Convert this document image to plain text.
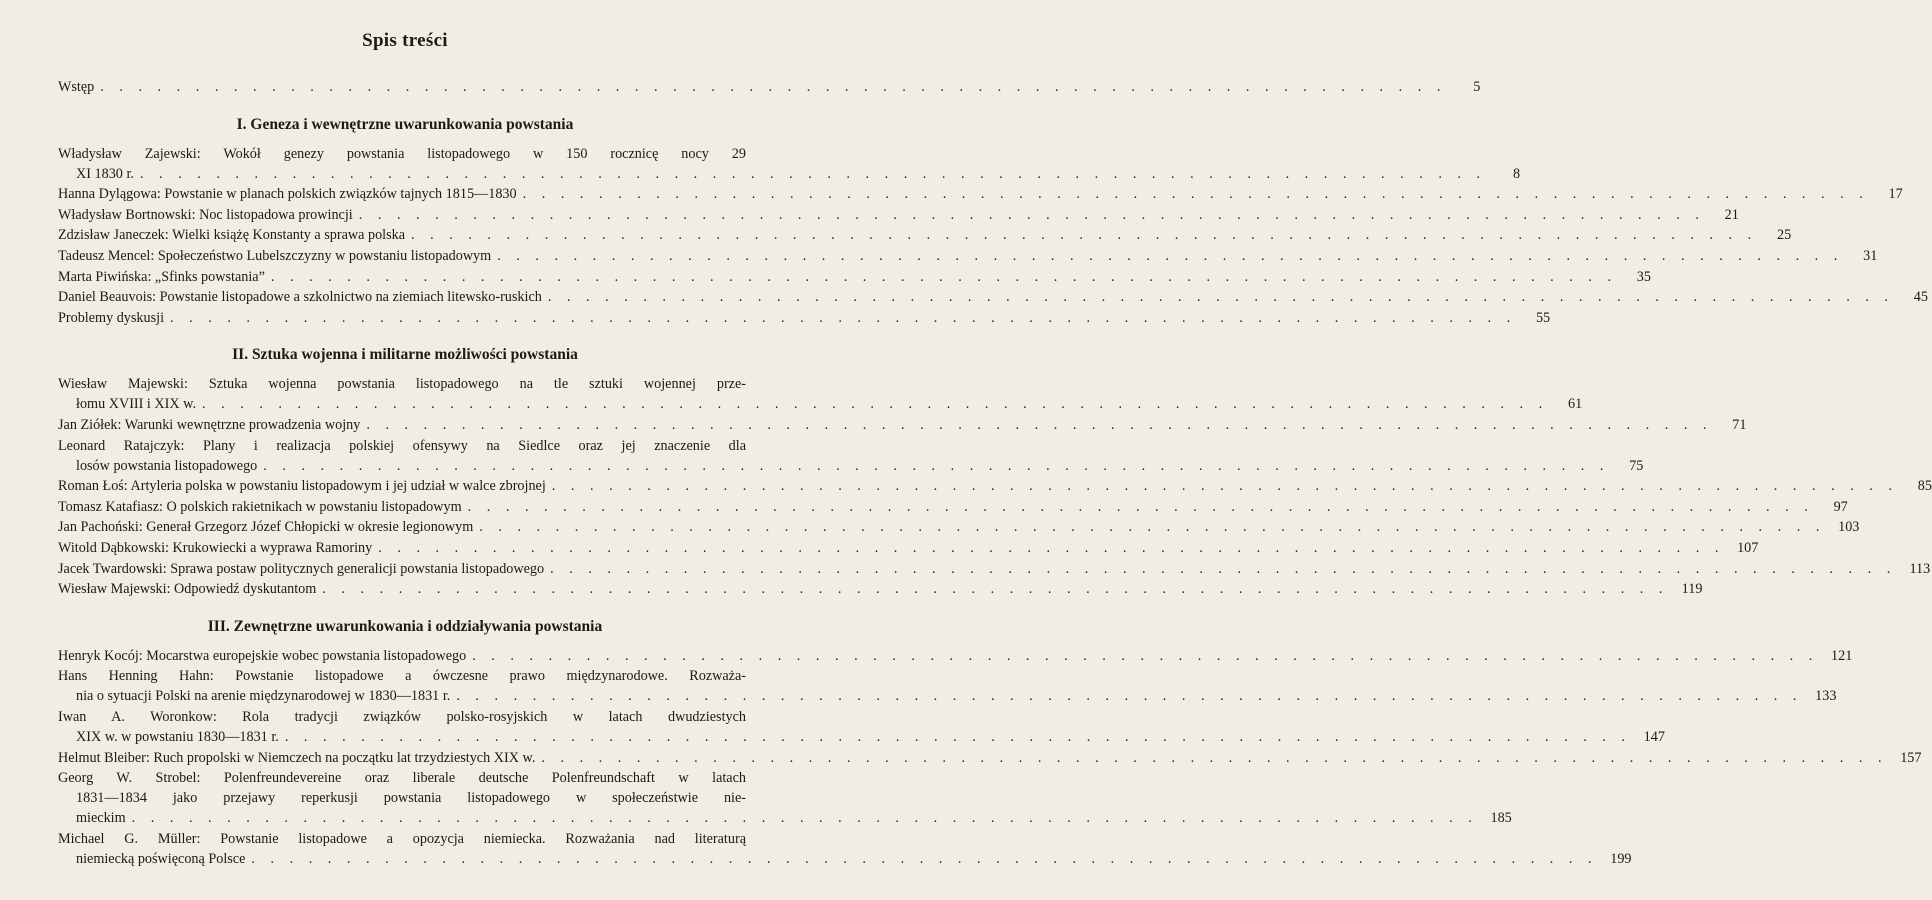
Spis treści
Wstęp . . . . . . . . . . . . . . . . . . . . . . . . . . . . . . . . . . . . . . . . . . . . . . . . . . . . . . . . . . . . . . . . . . . . . . .	5
I. Geneza i wewnętrzne uwarunkowania powstania
Władysław Zajewski: Wokół genezy powstania listopadowego w 150 rocznicę nocy 29
XI 1830 r. . . . . . . . . . . . . . . . . . . . . . . . . . . . . . . . . . . . . . . . . . . . . . . . . . . . . . . . . . . . . . . . . . . . . . . .	8
Hanna Dylągowa: Powstanie w planach polskich związków tajnych 1815—1830 . . . . . . . . . . . . . . . . . . . . . . . . . . . . . . . . . . . . . . . . . . . . . . . . . . . . . . . . . . . . . . . . . . . . . . .	17
Władysław Bortnowski: Noc listopadowa prowincji . . . . . . . . . . . . . . . . . . . . . . . . . . . . . . . . . . . . . . . . . . . . . . . . . . . . . . . . . . . . . . . . . . . . . . .	21
Zdzisław Janeczek: Wielki książę Konstanty a sprawa polska . . . . . . . . . . . . . . . . . . . . . . . . . . . . . . . . . . . . . . . . . . . . . . . . . . . . . . . . . . . . . . . . . . . . . . .	25
Tadeusz Mencel: Społeczeństwo Lubelszczyzny w powstaniu listopadowym . . . . . . . . . . . . . . . . . . . . . . . . . . . . . . . . . . . . . . . . . . . . . . . . . . . . . . . . . . . . . . . . . . . . . . .	31
Marta Piwińska: „Sfinks powstania” . . . . . . . . . . . . . . . . . . . . . . . . . . . . . . . . . . . . . . . . . . . . . . . . . . . . . . . . . . . . . . . . . . . . . . .	35
Daniel Beauvois: Powstanie listopadowe a szkolnictwo na ziemiach litewsko-ruskich . . . . . . . . . . . . . . . . . . . . . . . . . . . . . . . . . . . . . . . . . . . . . . . . . . . . . . . . . . . . . . . . . . . . . . .	45
Problemy dyskusji . . . . . . . . . . . . . . . . . . . . . . . . . . . . . . . . . . . . . . . . . . . . . . . . . . . . . . . . . . . . . . . . . . . . . . .	55
II. Sztuka wojenna i militarne możliwości powstania
Wiesław Majewski: Sztuka wojenna powstania listopadowego na tle sztuki wojennej prze-
łomu XVIII i XIX w. . . . . . . . . . . . . . . . . . . . . . . . . . . . . . . . . . . . . . . . . . . . . . . . . . . . . . . . . . . . . . . . . . . . . . . .	61
Jan Ziółek: Warunki wewnętrzne prowadzenia wojny . . . . . . . . . . . . . . . . . . . . . . . . . . . . . . . . . . . . . . . . . . . . . . . . . . . . . . . . . . . . . . . . . . . . . . .	71
Leonard Ratajczyk: Plany i realizacja polskiej ofensywy na Siedlce oraz jej znaczenie dla
losów powstania listopadowego . . . . . . . . . . . . . . . . . . . . . . . . . . . . . . . . . . . . . . . . . . . . . . . . . . . . . . . . . . . . . . . . . . . . . . .	75
Roman Łoś: Artyleria polska w powstaniu listopadowym i jej udział w walce zbrojnej . . . . . . . . . . . . . . . . . . . . . . . . . . . . . . . . . . . . . . . . . . . . . . . . . . . . . . . . . . . . . . . . . . . . . . .	85
Tomasz Katafiasz: O polskich rakietnikach w powstaniu listopadowym . . . . . . . . . . . . . . . . . . . . . . . . . . . . . . . . . . . . . . . . . . . . . . . . . . . . . . . . . . . . . . . . . . . . . . .	97
Jan Pachoński: Generał Grzegorz Józef Chłopicki w okresie legionowym . . . . . . . . . . . . . . . . . . . . . . . . . . . . . . . . . . . . . . . . . . . . . . . . . . . . . . . . . . . . . . . . . . . . . . . 103
Witold Dąbkowski: Krukowiecki a wyprawa Ramoriny . . . . . . . . . . . . . . . . . . . . . . . . . . . . . . . . . . . . . . . . . . . . . . . . . . . . . . . . . . . . . . . . . . . . . . . 107
Jacek Twardowski: Sprawa postaw politycznych generalicji powstania listopadowego . . . . . . . . . . . . . . . . . . . . . . . . . . . . . . . . . . . . . . . . . . . . . . . . . . . . . . . . . . . . . . . . . . . . . . . 113
Wiesław Majewski: Odpowiedź dyskutantom . . . . . . . . . . . . . . . . . . . . . . . . . . . . . . . . . . . . . . . . . . . . . . . . . . . . . . . . . . . . . . . . . . . . . . . 119
III. Zewnętrzne uwarunkowania i oddziaływania powstania
Henryk Kocój: Mocarstwa europejskie wobec powstania listopadowego . . . . . . . . . . . . . . . . . . . . . . . . . . . . . . . . . . . . . . . . . . . . . . . . . . . . . . . . . . . . . . . . . . . . . . . 121
Hans Henning Hahn: Powstanie listopadowe a ówczesne prawo międzynarodowe. Rozważa-
nia o sytuacji Polski na arenie międzynarodowej w 1830—1831 r. . . . . . . . . . . . . . . . . . . . . . . . . . . . . . . . . . . . . . . . . . . . . . . . . . . . . . . . . . . . . . . . . . . . . . . . 133
Iwan A. Woronkow: Rola tradycji związków polsko-rosyjskich w latach dwudziestych
XIX w. w powstaniu 1830—1831 r. . . . . . . . . . . . . . . . . . . . . . . . . . . . . . . . . . . . . . . . . . . . . . . . . . . . . . . . . . . . . . . . . . . . . . . . 147
Helmut Bleiber: Ruch propolski w Niemczech na początku lat trzydziestych XIX w. . . . . . . . . . . . . . . . . . . . . . . . . . . . . . . . . . . . . . . . . . . . . . . . . . . . . . . . . . . . . . . . . . . . . . . . 157
Georg W. Strobel: Polenfreundevereine oraz liberale deutsche Polenfreundschaft w latach
1831—1834 jako przejawy reperkusji powstania listopadowego w społeczeństwie nie-
mieckim . . . . . . . . . . . . . . . . . . . . . . . . . . . . . . . . . . . . . . . . . . . . . . . . . . . . . . . . . . . . . . . . . . . . . . . 185
Michael G. Müller: Powstanie listopadowe a opozycja niemiecka. Rozważania nad literaturą
niemiecką poświęconą Polsce . . . . . . . . . . . . . . . . . . . . . . . . . . . . . . . . . . . . . . . . . . . . . . . . . . . . . . . . . . . . . . . . . . . . . . . 199
